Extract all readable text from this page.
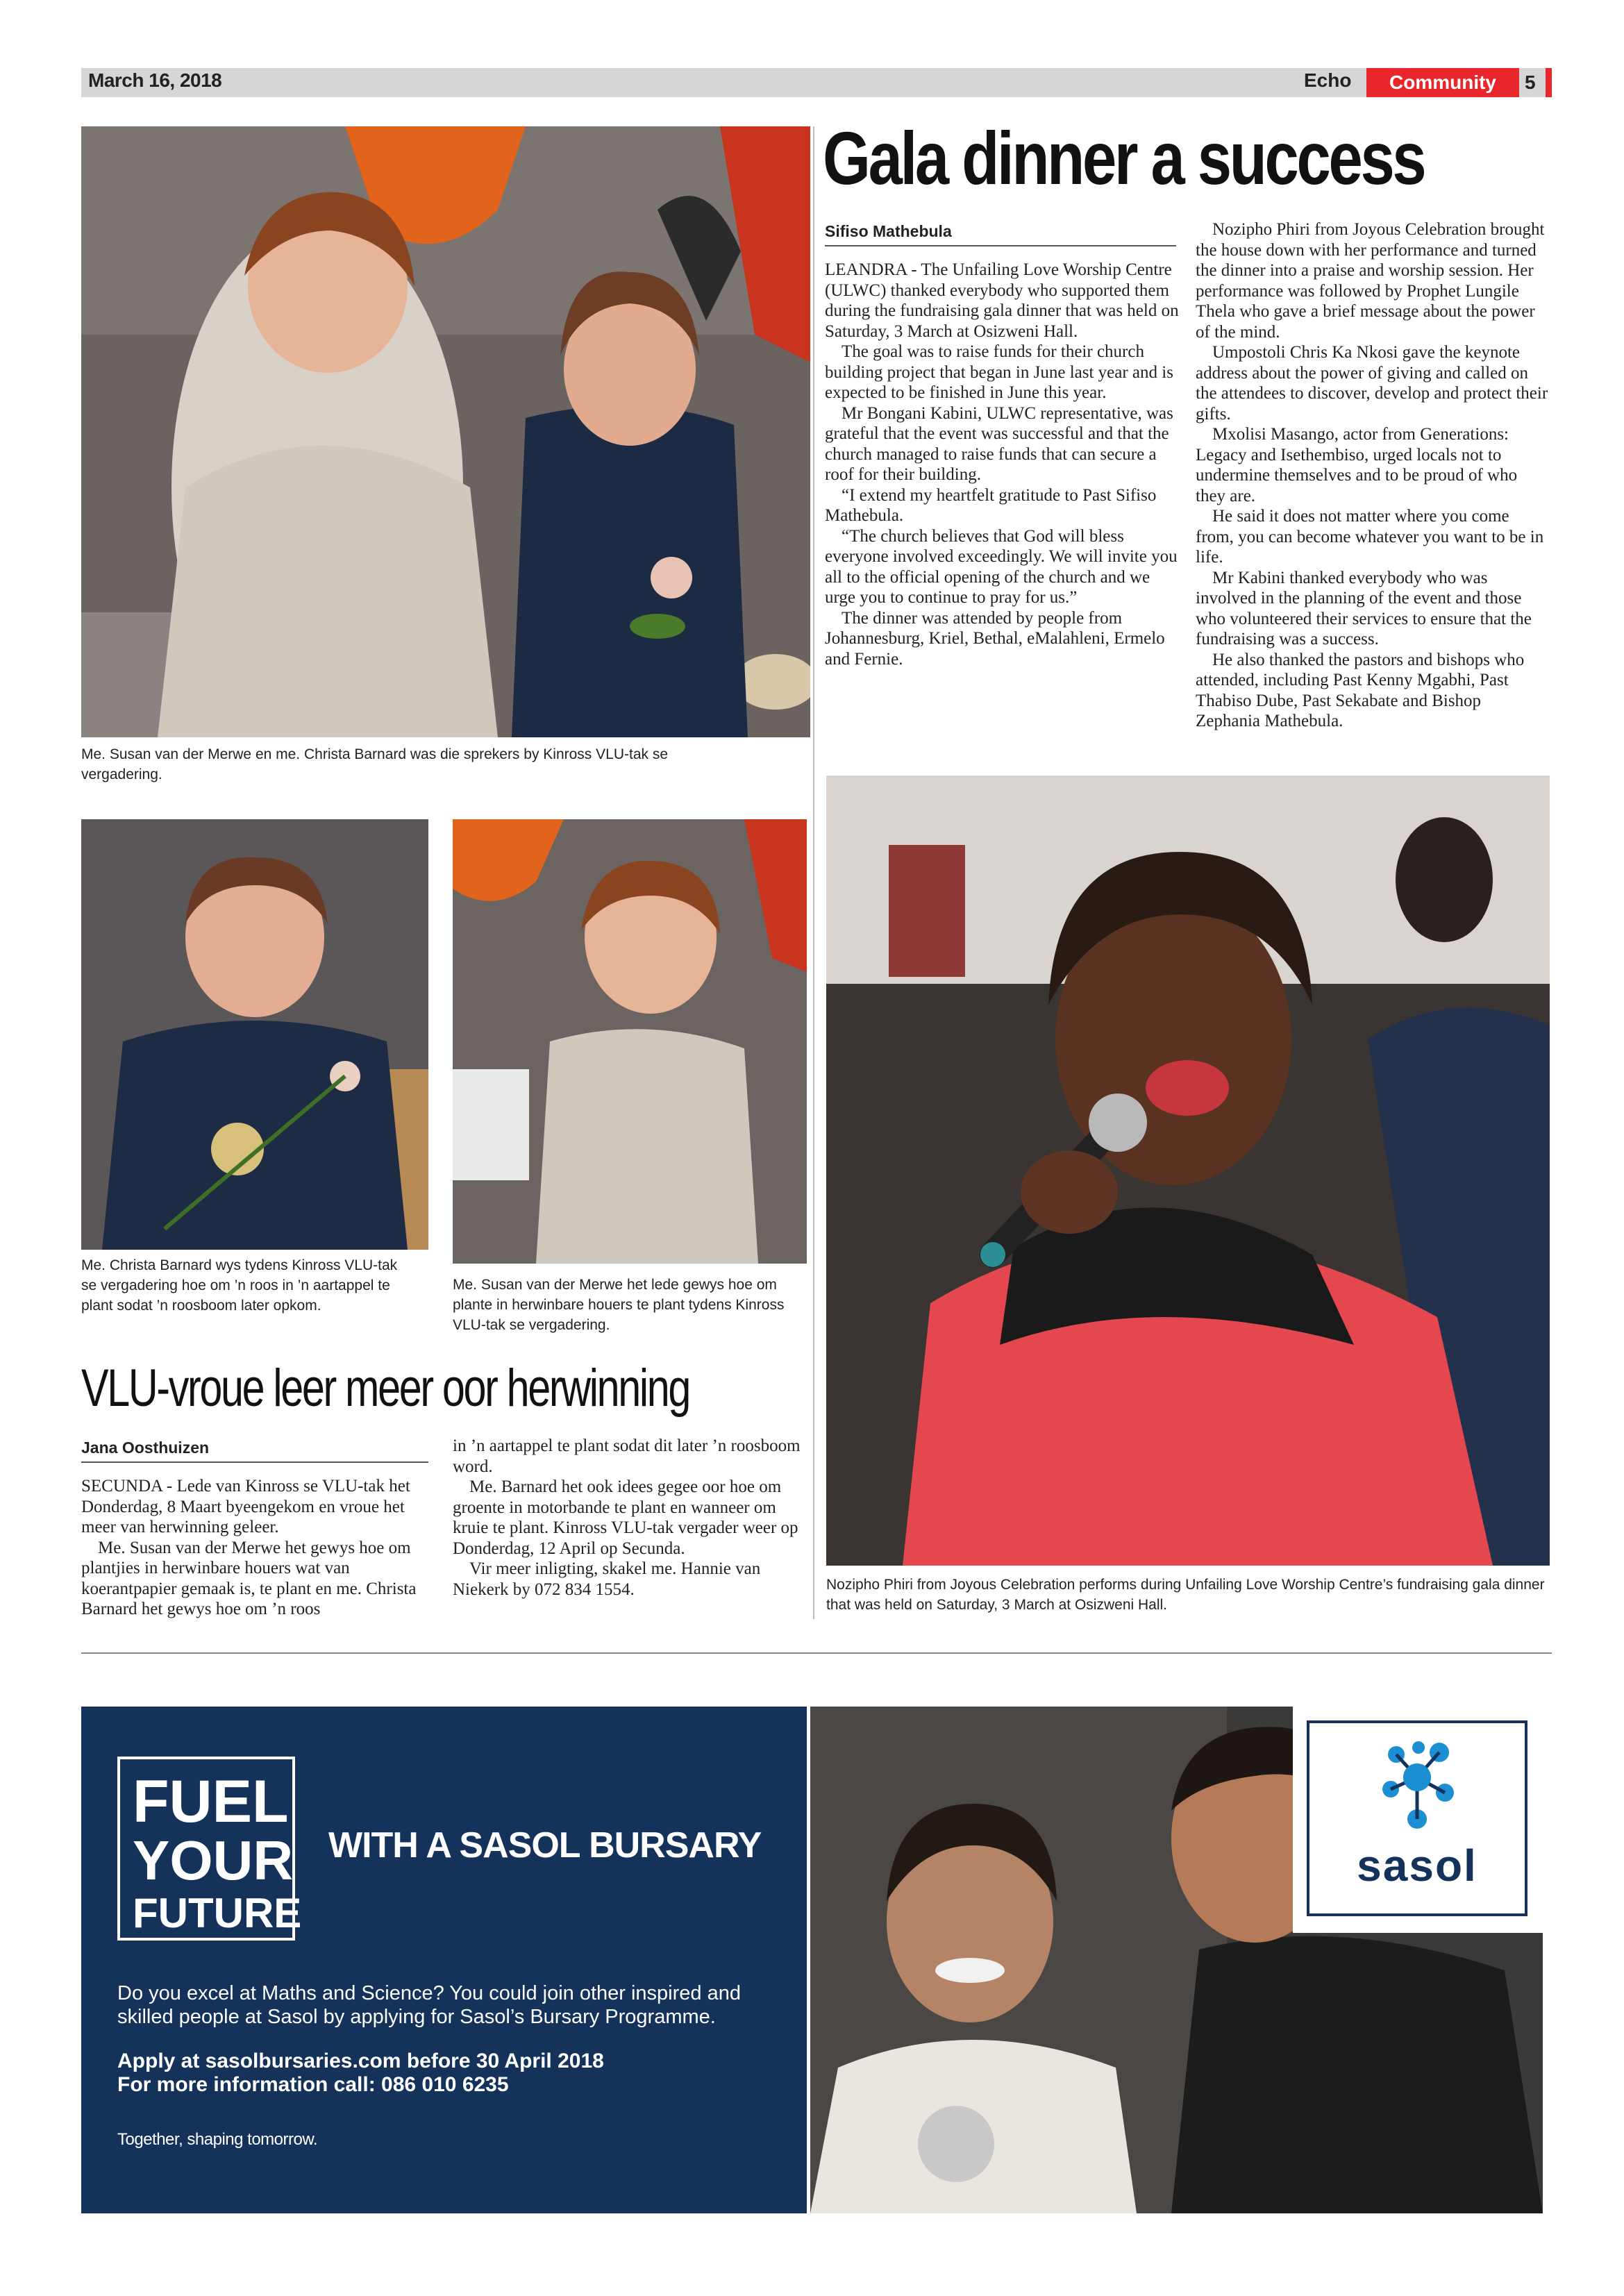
March 16, 2018	Echo	Community	5
Me. Susan van der Merwe en me. Christa Barnard was die sprekers by Kinross VLU-tak se vergadering.
Me. Christa Barnard wys tydens Kinross VLU-tak se vergadering hoe om ’n roos in ’n aartappel te plant sodat ’n roosboom later opkom.
Me. Susan van der Merwe het lede gewys hoe om plante in herwinbare houers te plant tydens Kinross VLU-tak se vergadering.
Gala dinner a success
Sifiso Mathebula

LEANDRA - The Unfailing Love Worship Centre (ULWC) thanked everybody who supported them during the fundraising gala dinner that was held on Saturday, 3 March at Osizweni Hall.

The goal was to raise funds for their church building project that began in June last year and is expected to be finished in June this year.

Mr Bongani Kabini, ULWC representative, was grateful that the event was successful and that the church managed to raise funds that can secure a roof for their building.

“I extend my heartfelt gratitude to Past Sifiso Mathebula.

“The church believes that God will bless everyone involved exceedingly. We will invite you all to the official opening of the church and we urge you to continue to pray for us.”

The dinner was attended by people from Johannesburg, Kriel, Bethal, eMalahleni, Ermelo and Fernie.

Nozipho Phiri from Joyous Celebration brought the house down with her performance and turned the dinner into a praise and worship session. Her performance was followed by Prophet Lungile Thela who gave a brief message about the power of the mind.

Umpostoli Chris Ka Nkosi gave the keynote address about the power of giving and called on the attendees to discover, develop and protect their gifts.

Mxolisi Masango, actor from Generations: Legacy and Isethembiso, urged locals not to undermine themselves and to be proud of who they are.

He said it does not matter where you come from, you can become whatever you want to be in life.

Mr Kabini thanked everybody who was involved in the planning of the event and those who volunteered their services to ensure that the fundraising was a success.

He also thanked the pastors and bishops who attended, including Past Kenny Mgabhi, Past Thabiso Dube, Past Sekabate and Bishop Zephania Mathebula.

Nozipho Phiri from Joyous Celebration performs during Unfailing Love Worship Centre’s fundraising gala dinner that was held on Saturday, 3 March at Osizweni Hall.
VLU-vroue leer meer oor herwinning
Jana Oosthuizen

SECUNDA - Lede van Kinross se VLU-tak het Donderdag, 8 Maart byeengekom en vroue het meer van herwinning geleer.

Me. Susan van der Merwe het gewys hoe om plantjies in herwinbare houers wat van koerantpapier gemaak is, te plant en me. Christa Barnard het gewys hoe om ’n roos

in ’n aartappel te plant sodat dit later ’n roosboom word.

Me. Barnard het ook idees gegee oor hoe om groente in motorbande te plant en wanneer om kruie te plant. Kinross VLU-tak vergader weer op Donderdag, 12 April op Secunda.

Vir meer inligting, skakel me. Hannie van Niekerk by 072 834 1554.

FUEL
YOUR
FUTURE
WITH A SASOL BURSARY
Do you excel at Maths and Science? You could join other inspired and skilled people at Sasol by applying for Sasol’s Bursary Programme.
Apply at sasolbursaries.com before 30 April 2018
For more information call: 086 010 6235
Together, shaping tomorrow.
sasol
